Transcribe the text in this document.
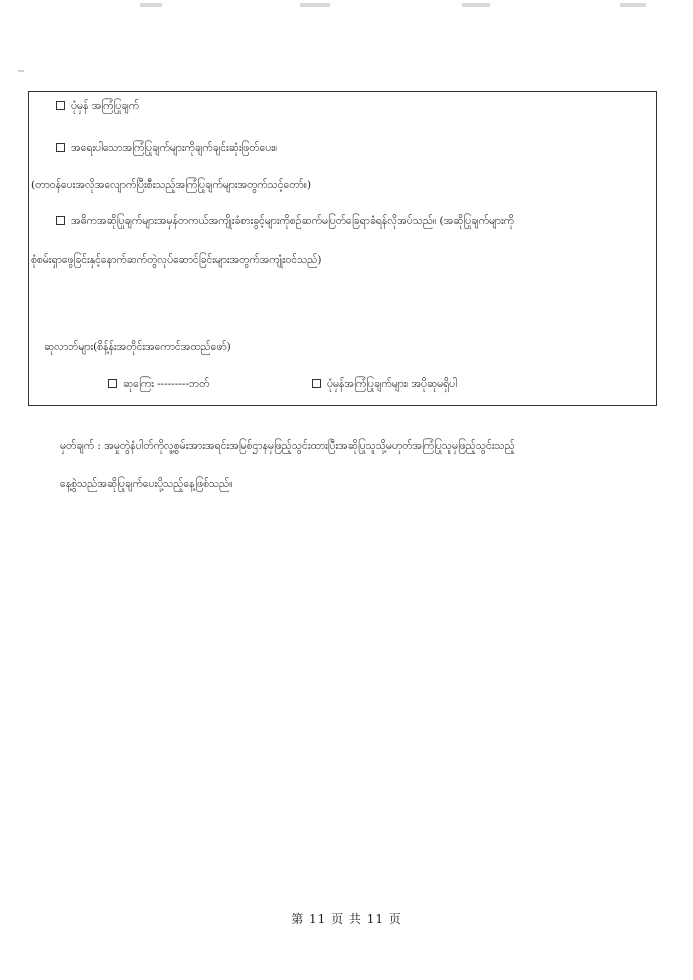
ပုံမှန် အကြံပြုချက်
အရေးပါသောအကြံပြုချက်များကိုချက်ချင်းဆုံးဖြတ်ပေး။
(တာဝန်ပေးအလိုအလျောက်ပြီးစီးသည့်အကြံပြုချက်များအတွက်သင့်တော်။)
အဓိကအဆိုပြုချက်များအမှန်တကယ်အကျိုးခံစားခွင့်များကိုစဉ်ဆက်မပြတ်ခြေရာခံရန်လိုအပ်သည်။ (အဆိုပြုချက်များကို
စုံစမ်းရှာဖွေခြင်းနှင့်နောက်ဆက်တွဲလုပ်ဆောင်ခြင်းများအတွက်အကျုံးဝင်သည်)
ဆုလာဘ်များ(စိန့်န်းအတိုင်းအကောင်အထည်ဖော်)
ဆုကြေး ---------ဘတ်	ပုံမှန်အကြံပြုချက်များ၊ အပိုဆုမရှိပါ
မှတ်ချက် : အမှုတွဲနံပါတ်ကိုလူ့စွမ်းအားအရင်းအမြစ်ဌာနမှဖြည့်သွင်းထားပြီးအဆိုပြုသူသို့မဟုတ်အကြံပြုသူမှဖြည့်သွင်းသည့်
နေ့စွဲသည်အဆိုပြုချက်ပေးပို့သည့်နေ့ဖြစ်သည်။
第 11 页 共 11 页
